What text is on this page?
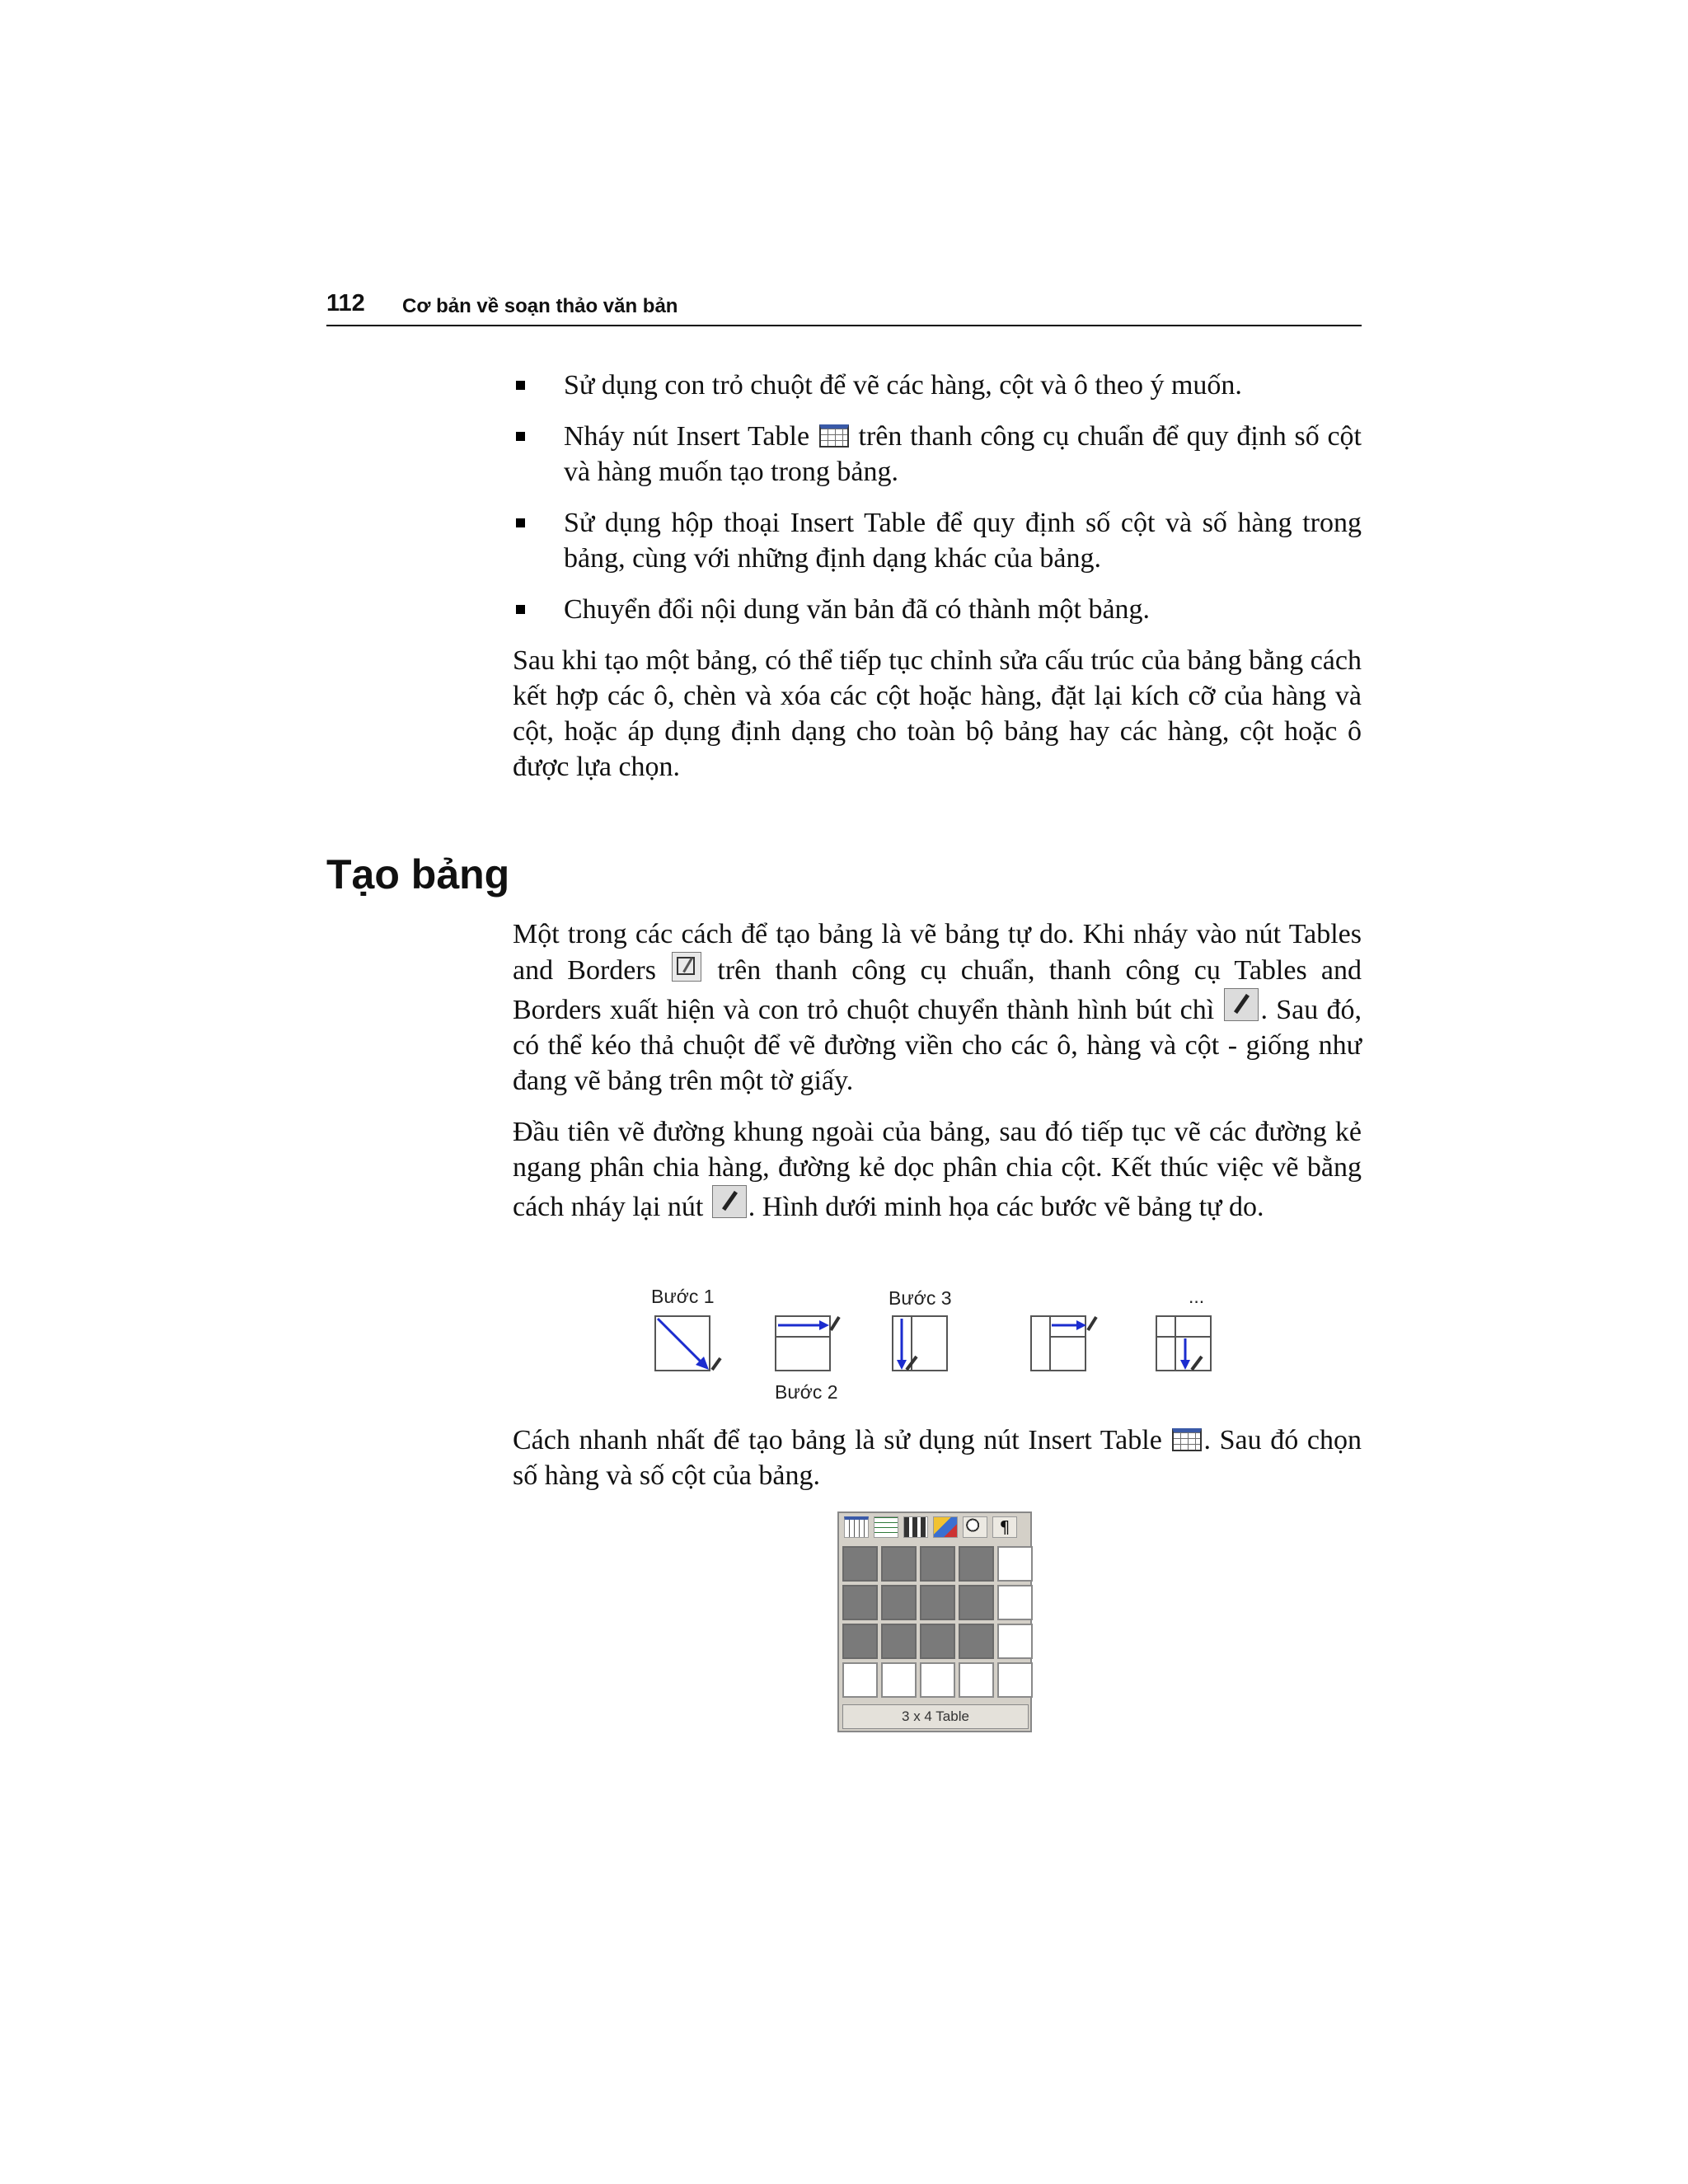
112 Cơ bản về soạn thảo văn bản
Sử dụng con trỏ chuột để vẽ các hàng, cột và ô theo ý muốn.
Nháy nút Insert Table  trên thanh công cụ chuẩn để quy định số cột và hàng muốn tạo trong bảng.
Sử dụng hộp thoại Insert Table để quy định số cột và số hàng trong bảng, cùng với những định dạng khác của bảng.
Chuyển đổi nội dung văn bản đã có thành một bảng.

Sau khi tạo một bảng, có thể tiếp tục chỉnh sửa cấu trúc của bảng bằng cách kết hợp các ô, chèn và xóa các cột hoặc hàng, đặt lại kích cỡ của hàng và cột, hoặc áp dụng định dạng cho toàn bộ bảng hay các hàng, cột hoặc ô được lựa chọn.

Tạo bảng

Một trong các cách để tạo bảng là vẽ bảng tự do. Khi nháy vào nút Tables and Borders  trên thanh công cụ chuẩn, thanh công cụ Tables and Borders xuất hiện và con trỏ chuột chuyển thành hình bút chì . Sau đó, có thể kéo thả chuột để vẽ đường viền cho các ô, hàng và cột - giống như đang vẽ bảng trên một tờ giấy.

Đầu tiên vẽ đường khung ngoài của bảng, sau đó tiếp tục vẽ các đường kẻ ngang phân chia hàng, đường kẻ dọc phân chia cột. Kết thúc việc vẽ bằng cách nháy lại nút . Hình dưới minh họa các bước vẽ bảng tự do.

Bước 1
Bước 2
Bước 3	...

Cách nhanh nhất để tạo bảng là sử dụng nút Insert Table . Sau đó chọn số hàng và số cột của bảng.

¶
3 x 4 Table
